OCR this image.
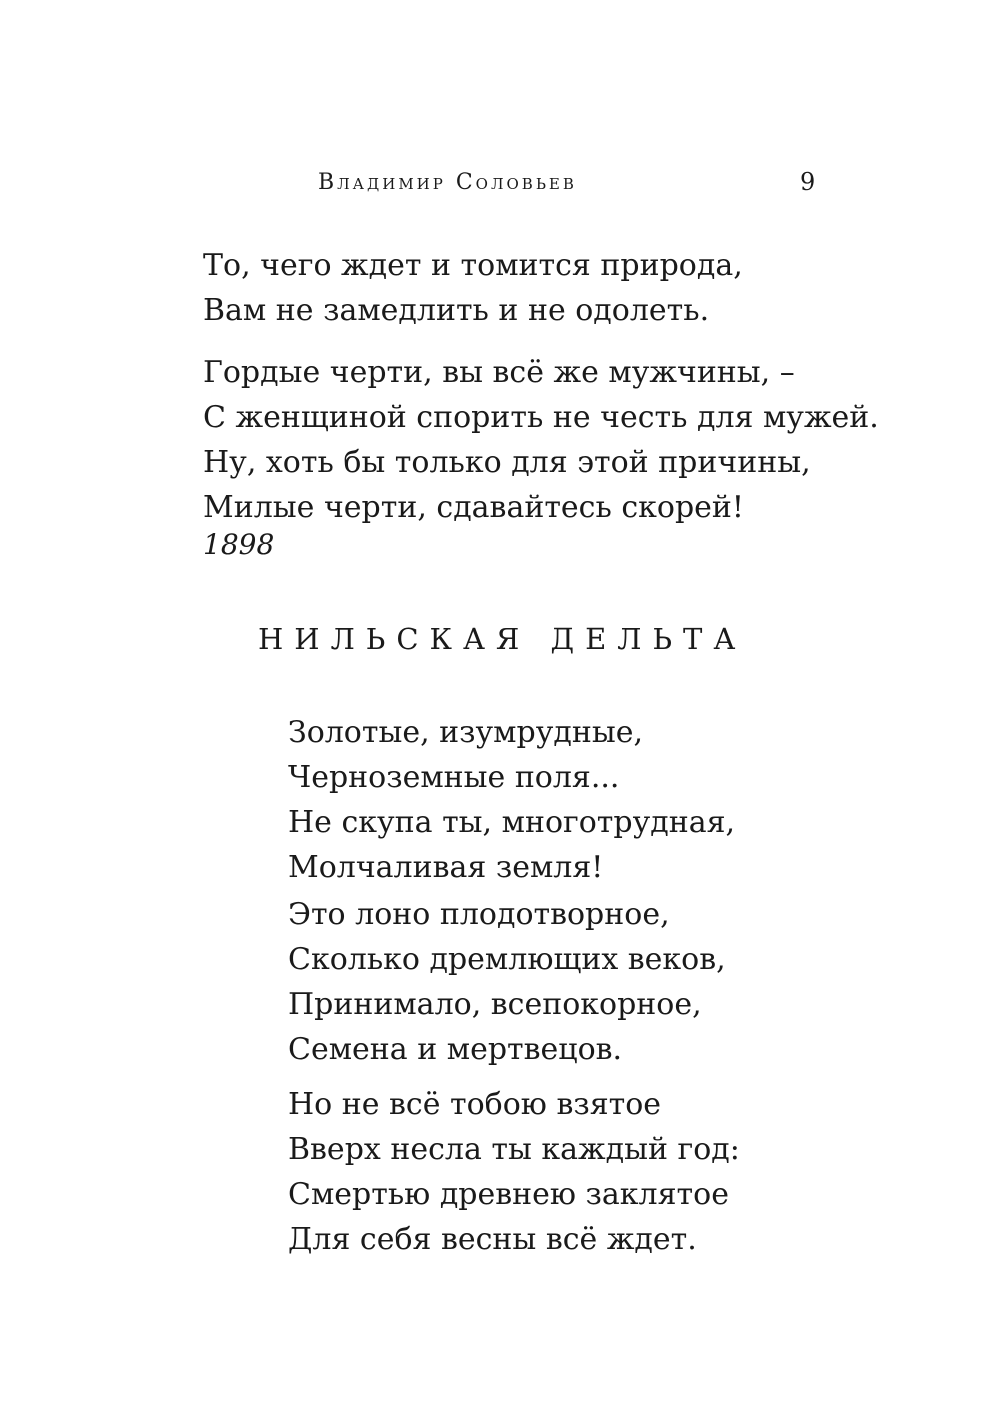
Владимир Соловьев	9

То, чего ждет и томится природа,
Вам не замедлить и не одолеть.

Гордые черти, вы всё же мужчины, –
С женщиной спорить не честь для мужей.
Ну, хоть бы только для этой причины,
Милые черти, сдавайтесь скорей!

1898
НИЛЬСКАЯ ДЕЛЬТА

Золотые, изумрудные,
Черноземные поля...
Не скупа ты, многотрудная,
Молчаливая земля!

Это лоно плодотворное,
Сколько дремлющих веков,
Принимало, всепокорное,
Семена и мертвецов.

Но не всё тобою взятое
Вверх несла ты каждый год:
Смертью древнею заклятое
Для себя весны всё ждет.
